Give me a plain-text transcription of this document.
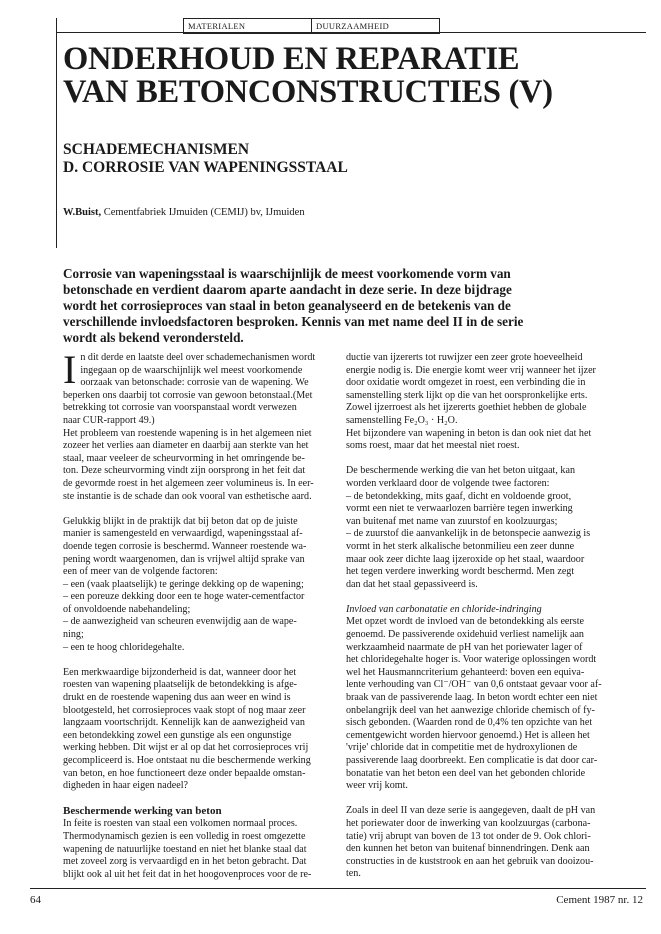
MATERIALEN	DUURZAAMHEID
ONDERHOUD EN REPARATIE
VAN BETONCONSTRUCTIES (V)
SCHADEMECHANISMEN
D. CORROSIE VAN WAPENINGSSTAAL
W.Buist, Cementfabriek IJmuiden (CEMIJ) bv, IJmuiden
Corrosie van wapeningsstaal is waarschijnlijk de meest voorkomende vorm van
betonschade en verdient daarom aparte aandacht in deze serie. In deze bijdrage
wordt het corrosieproces van staal in beton geanalyseerd en de betekenis van de
verschillende invloedsfactoren besproken. Kennis van met name deel II in de serie
wordt als bekend verondersteld.
I n dit derde en laatste deel over schademechanismen wordt

ingegaan op de waarschijnlijk wel meest voorkomende

oorzaak van betonschade: corrosie van de wapening. We

beperken ons daarbij tot corrosie van gewoon betonstaal.(Met

betrekking tot corrosie van voorspanstaal wordt verwezen

naar CUR-rapport 49.)

Het probleem van roestende wapening is in het algemeen niet

zozeer het verlies aan diameter en daarbij aan sterkte van het

staal, maar veeleer de scheurvorming in het omringende be-

ton. Deze scheurvorming vindt zijn oorsprong in het feit dat

de gevormde roest in het algemeen zeer volumineus is. In eer-

ste instantie is de schade dan ook vooral van esthetische aard.

Gelukkig blijkt in de praktijk dat bij beton dat op de juiste

manier is samengesteld en verwaardigd, wapeningsstaal af-

doende tegen corrosie is beschermd. Wanneer roestende wa-

pening wordt waargenomen, dan is vrijwel altijd sprake van

een of meer van de volgende factoren:

– een (vaak plaatselijk) te geringe dekking op de wapening;

– een poreuze dekking door een te hoge water-cementfactor

of onvoldoende nabehandeling;

– de aanwezigheid van scheuren evenwijdig aan de wape-

ning;

– een te hoog chloridegehalte.

Een merkwaardige bijzonderheid is dat, wanneer door het

roesten van wapening plaatselijk de betondekking is afge-

drukt en de roestende wapening dus aan weer en wind is

blootgesteld, het corrosieproces vaak stopt of nog maar zeer

langzaam voortschrijdt. Kennelijk kan de aanwezigheid van

een betondekking zowel een gunstige als een ongunstige

werking hebben. Dit wijst er al op dat het corrosieproces vrij

gecompliceerd is. Hoe ontstaat nu die beschermende werking

van beton, en hoe functioneert deze onder bepaalde omstan-

digheden in haar eigen nadeel?

Beschermende werking van beton

In feite is roesten van staal een volkomen normaal proces.

Thermodynamisch gezien is een volledig in roest omgezette

wapening de natuurlijke toestand en niet het blanke staal dat

met zoveel zorg is vervaardigd en in het beton gebracht. Dat

blijkt ook al uit het feit dat in het hoogovenproces voor de re-

ductie van ijzererts tot ruwijzer een zeer grote hoeveelheid

energie nodig is. Die energie komt weer vrij wanneer het ijzer

door oxidatie wordt omgezet in roest, een verbinding die in

samenstelling sterk lijkt op die van het oorspronkelijke erts.

Zowel ijzerroest als het ijzererts goethiet hebben de globale

samenstelling Fe₂O₃ · H₂O.

Het bijzondere van wapening in beton is dan ook niet dat het

soms roest, maar dat het meestal niet roest.

De beschermende werking die van het beton uitgaat, kan

worden verklaard door de volgende twee factoren:

– de betondekking, mits gaaf, dicht en voldoende groot,

vormt een niet te verwaarlozen barrière tegen inwerking

van buitenaf met name van zuurstof en koolzuurgas;

– de zuurstof die aanvankelijk in de betonspecie aanwezig is

vormt in het sterk alkalische betonmilieu een zeer dunne

maar ook zeer dichte laag ijzeroxide op het staal, waardoor

het tegen verdere inwerking wordt beschermd. Men zegt

dan dat het staal gepassiveerd is.

Invloed van carbonatatie en chloride-indringing

Met opzet wordt de invloed van de betondekking als eerste

genoemd. De passiverende oxidehuid verliest namelijk aan

werkzaamheid naarmate de pH van het poriewater lager of

het chloridegehalte hoger is. Voor waterige oplossingen wordt

wel het Hausmanncriterium gehanteerd: boven een equiva-

lente verhouding van Cl⁻/OH⁻ van 0,6 ontstaat gevaar voor af-

braak van de passiverende laag. In beton wordt echter een niet

onbelangrijk deel van het aanwezige chloride chemisch of fy-

sisch gebonden. (Waarden rond de 0,4% ten opzichte van het

cementgewicht worden hiervoor genoemd.) Het is alleen het

'vrije' chloride dat in competitie met de hydroxylionen de

passiverende laag doorbreekt. Een complicatie is dat door car-

bonatatie van het beton een deel van het gebonden chloride

weer vrij komt.

Zoals in deel II van deze serie is aangegeven, daalt de pH van

het poriewater door de inwerking van koolzuurgas (carbona-

tatie) vrij abrupt van boven de 13 tot onder de 9. Ook chlori-

den kunnen het beton van buitenaf binnendringen. Denk aan

constructies in de kuststrook en aan het gebruik van dooizou-

ten.

64	Cement 1987 nr. 12
